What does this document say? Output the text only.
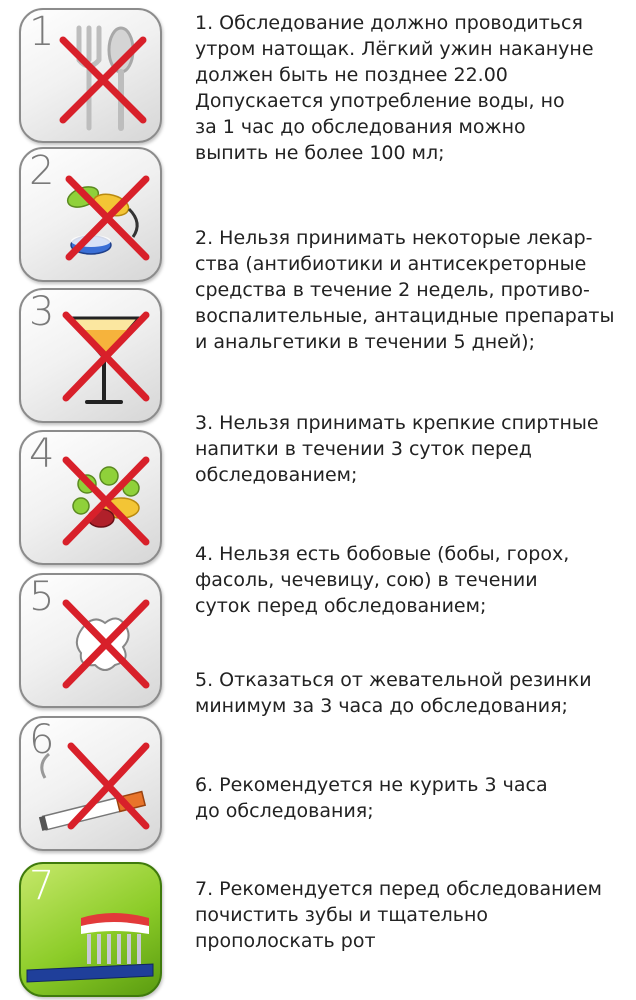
1	1. Обследование должно проводиться
утром натощак. Лёгкий ужин накануне
должен быть не позднее 22.00
Допускается употребление воды, но
за 1 час до обследования можно
выпить не более 100 мл;
2
2. Нельзя принимать некоторые лекар-
ства (антибиотики и антисекреторные
средства в течение 2 недель, противо-
воспалительные, антацидные препараты
и анальгетики в течении 5 дней);
3
3. Нельзя принимать крепкие спиртные
напитки в течении 3 суток перед
обследованием;
4
4. Нельзя есть бобовые (бобы, горох,
фасоль, чечевицу, сою) в течении
суток перед обследованием;
5
5. Отказаться от жевательной резинки
минимум за 3 часа до обследования;
6
6. Рекомендуется не курить 3 часа
до обследования;
7	7. Рекомендуется перед обследованием
почистить зубы и тщательно
прополоскать рот
